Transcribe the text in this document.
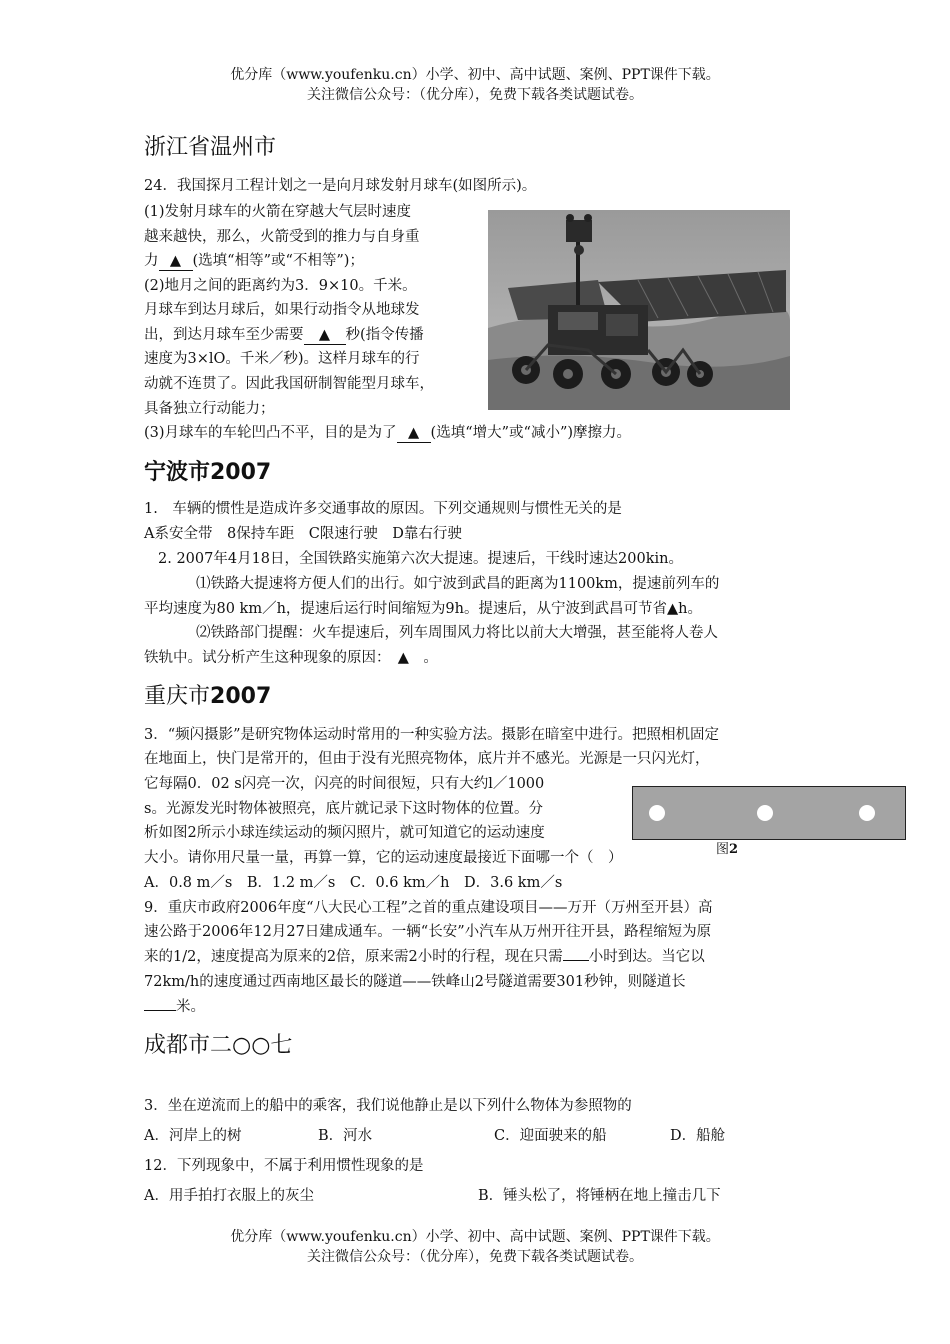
优分库（www.youfenku.cn）小学、初中、高中试题、案例、PPT课件下载。
关注微信公众号：（优分库），免费下载各类试题试卷。
浙江省温州市
24．我国探月工程计划之一是向月球发射月球车(如图所示)。
(1)发射月球车的火箭在穿越大气层时速度
越来越快，那么，火箭受到的推力与自身重
力 ▲ (选填“相等”或“不相等”)；
(2)地月之间的距离约为3．9×10。千米。
月球车到达月球后，如果行动指令从地球发
出，到达月球车至少需要 ▲ 秒(指令传播
速度为3×lO。千米／秒)。这样月球车的行
动就不连贯了。因此我国研制智能型月球车，
具备独立行动能力；
(3)月球车的车轮凹凸不平，目的是为了 ▲ (选填“增大”或“减小”)摩擦力。
宁波市2007
1.　车辆的惯性是造成许多交通事故的原因。下列交通规则与惯性无关的是
A系安全带　8保持车距　C限速行驶　D靠右行驶
2. 2007年4月18日，全国铁路实施第六次大提速。提速后，干线时速达200kin。
⑴铁路大提速将方便人们的出行。如宁波到武昌的距离为1100km，提速前列车的
平均速度为80 km／h，提速后运行时间缩短为9h。提速后，从宁波到武昌可节省▲h。
⑵铁路部门提醒：火车提速后，列车周围风力将比以前大大增强，甚至能将人卷人
铁轨中。试分析产生这种现象的原因：　▲　。
重庆市2007
3．“频闪摄影”是研究物体运动时常用的一种实验方法。摄影在暗室中进行。把照相机固定
在地面上，快门是常开的，但由于没有光照亮物体，底片并不感光。光源是一只闪光灯，
它每隔0．02 s闪亮一次，闪亮的时间很短，只有大约l／1000
s。光源发光时物体被照亮，底片就记录下这时物体的位置。分
析如图2所示小球连续运动的频闪照片，就可知道它的运动速度
大小。请你用尺量一量，再算一算，它的运动速度最接近下面哪一个（　）
A．0.8 m／s　B．1.2 m／s　C．0.6 km／h　D．3.6 km／s
图2
9．重庆市政府2006年度“八大民心工程”之首的重点建设项目——万开（万州至开县）高
速公路于2006年12月27日建成通车。一辆“长安”小汽车从万州开往开县，路程缩短为原
来的1/2，速度提高为原来的2倍，原来需2小时的行程，现在只需 小时到达。当它以
72km/h的速度通过西南地区最长的隧道——铁峰山2号隧道需要301秒钟，则隧道长
米。
成都市二○○七
3．坐在逆流而上的船中的乘客，我们说他静止是以下列什么物体为参照物的
A．河岸上的树	B．河水	C．迎面驶来的船	D．船舱
12．下列现象中，不属于利用惯性现象的是
A．用手拍打衣服上的灰尘	B．锤头松了，将锤柄在地上撞击几下
优分库（www.youfenku.cn）小学、初中、高中试题、案例、PPT课件下载。
关注微信公众号：（优分库），免费下载各类试题试卷。
